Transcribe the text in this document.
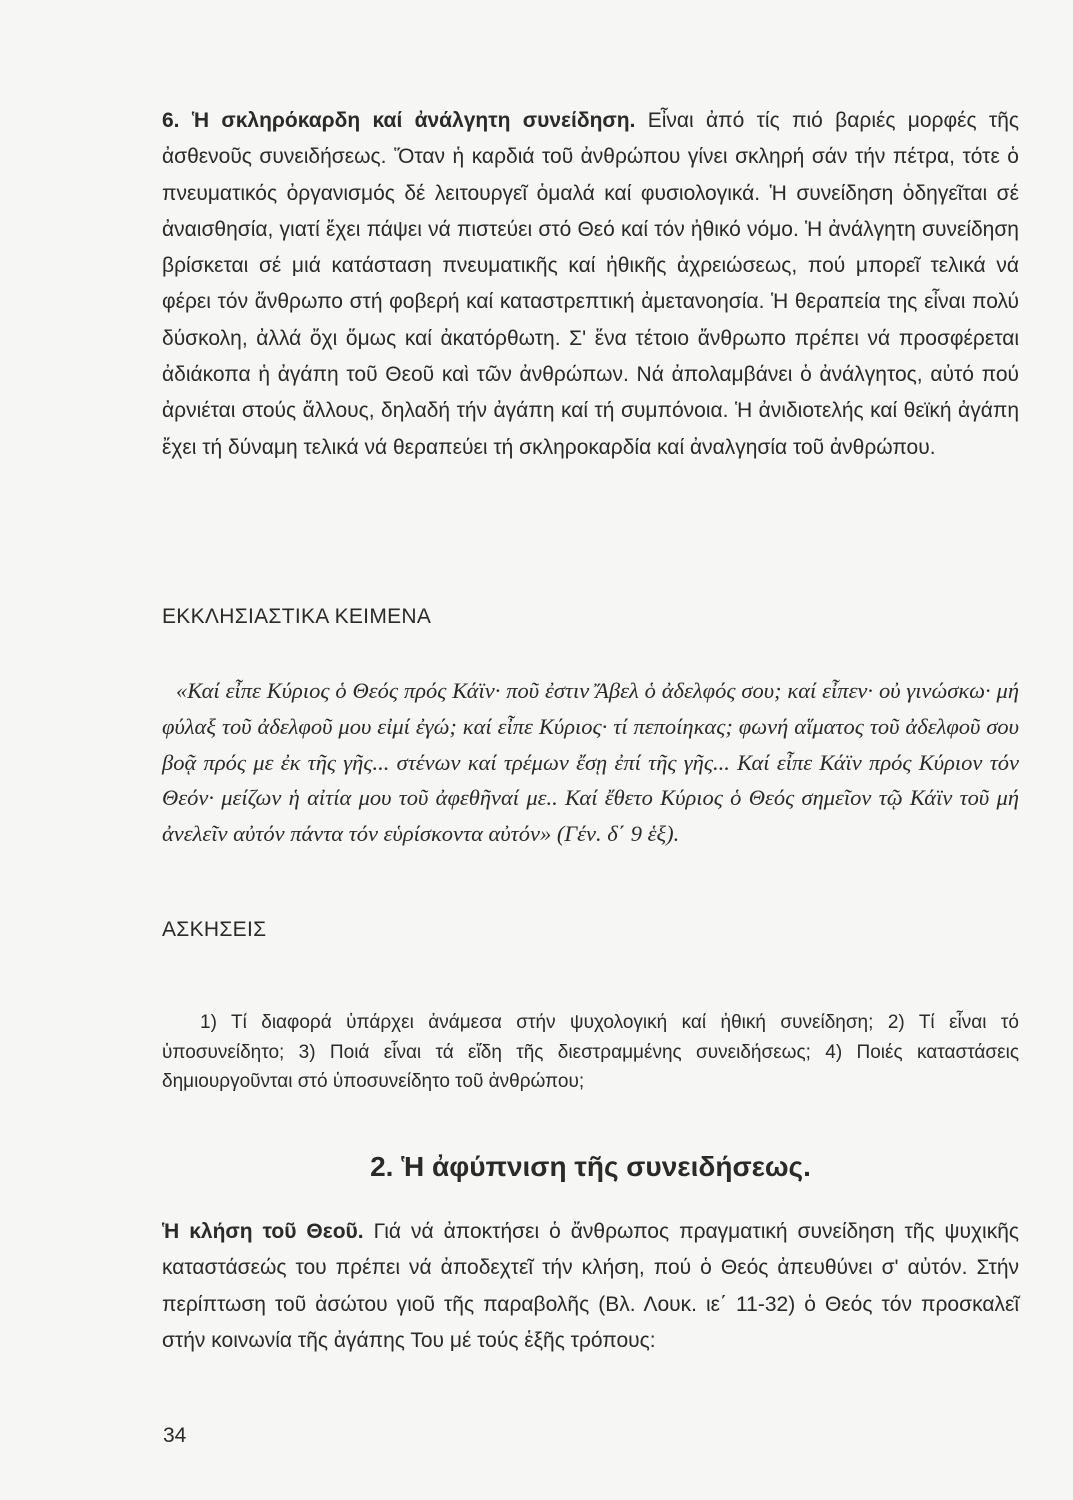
6. Ἡ σκληρόκαρδη καί ἀνάλγητη συνείδηση. Εἶναι ἀπό τίς πιό βαριές μορφές τῆς ἀσθενοῦς συνειδήσεως. Ὅταν ἡ καρδιά τοῦ ἀνθρώπου γίνει σκληρή σάν τήν πέτρα, τότε ὁ πνευματικός ὀργανισμός δέ λειτουργεῖ ὁμαλά καί φυσιολογικά. Ἡ συνείδηση ὁδηγεῖται σέ ἀναισθησία, γιατί ἔχει πάψει νά πιστεύει στό Θεό καί τόν ἠθικό νόμο. Ἡ ἀνάλγητη συνείδηση βρίσκεται σέ μιά κατάσταση πνευματικῆς καί ἠθικῆς ἀχρειώσεως, πού μπορεῖ τελικά νά φέρει τόν ἄνθρωπο στή φοβερή καί καταστρεπτική ἀμετανοησία. Ἡ θεραπεία της εἶναι πολύ δύσκολη, ἀλλά ὄχι ὅμως καί ἀκατόρθωτη. Σ' ἕνα τέτοιο ἄνθρωπο πρέπει νά προσφέρεται ἀδιάκοπα ἡ ἀγάπη τοῦ Θεοῦ καὶ τῶν ἀνθρώπων. Νά ἀπολαμβάνει ὁ ἀνάλγητος, αὐτό πού ἀρνιέται στούς ἄλλους, δηλαδή τήν ἀγάπη καί τή συμπόνοια. Ἡ ἀνιδιοτελής καί θεϊκή ἀγάπη ἔχει τή δύναμη τελικά νά θεραπεύει τή σκληροκαρδία καί ἀναλγησία τοῦ ἀνθρώπου.

ΕΚΚΛΗΣΙΑΣΤΙΚΑ ΚΕΙΜΕΝΑ

«Καί εἶπε Κύριος ὁ Θεός πρός Κάϊν· ποῦ ἐστιν Ἄβελ ὁ ἀδελφός σου; καί εἶπεν· οὐ γινώσκω· μή φύλαξ τοῦ ἀδελφοῦ μου εἰμί ἐγώ; καί εἶπε Κύριος· τί πεποίηκας; φωνή αἵματος τοῦ ἀδελφοῦ σου βοᾷ πρός με ἐκ τῆς γῆς... στένων καί τρέμων ἔσῃ ἐπί τῆς γῆς... Καί εἶπε Κάϊν πρός Κύριον τόν Θεόν· μείζων ἡ αἰτία μου τοῦ ἀφεθῆναί με.. Καί ἔθετο Κύριος ὁ Θεός σημεῖον τῷ Κάϊν τοῦ μή ἀνελεῖν αὐτόν πάντα τόν εὑρίσκοντα αὐτόν» (Γέν. δ΄ 9 ἑξ).

ΑΣΚΗΣΕΙΣ

1) Τί διαφορά ὑπάρχει ἀνάμεσα στήν ψυχολογική καί ἠθική συνείδηση; 2) Τί εἶναι τό ὑποσυνείδητο; 3) Ποιά εἶναι τά εἴδη τῆς διεστραμμένης συνειδήσεως; 4) Ποιές καταστάσεις δημιουργοῦνται στό ὑποσυνείδητο τοῦ ἀνθρώπου;

2. Ἡ ἀφύπνιση τῆς συνειδήσεως.

Ἡ κλήση τοῦ Θεοῦ. Γιά νά ἀποκτήσει ὁ ἄνθρωπος πραγματική συνείδηση τῆς ψυχικῆς καταστάσεώς του πρέπει νά ἀποδεχτεῖ τήν κλήση, πού ὁ Θεός ἀπευθύνει σ' αὐτόν. Στήν περίπτωση τοῦ ἀσώτου γιοῦ τῆς παραβολῆς (Βλ. Λουκ. ιε΄ 11-32) ὁ Θεός τόν προσκαλεῖ στήν κοινωνία τῆς ἀγάπης Του μέ τούς ἑξῆς τρόπους:

34
